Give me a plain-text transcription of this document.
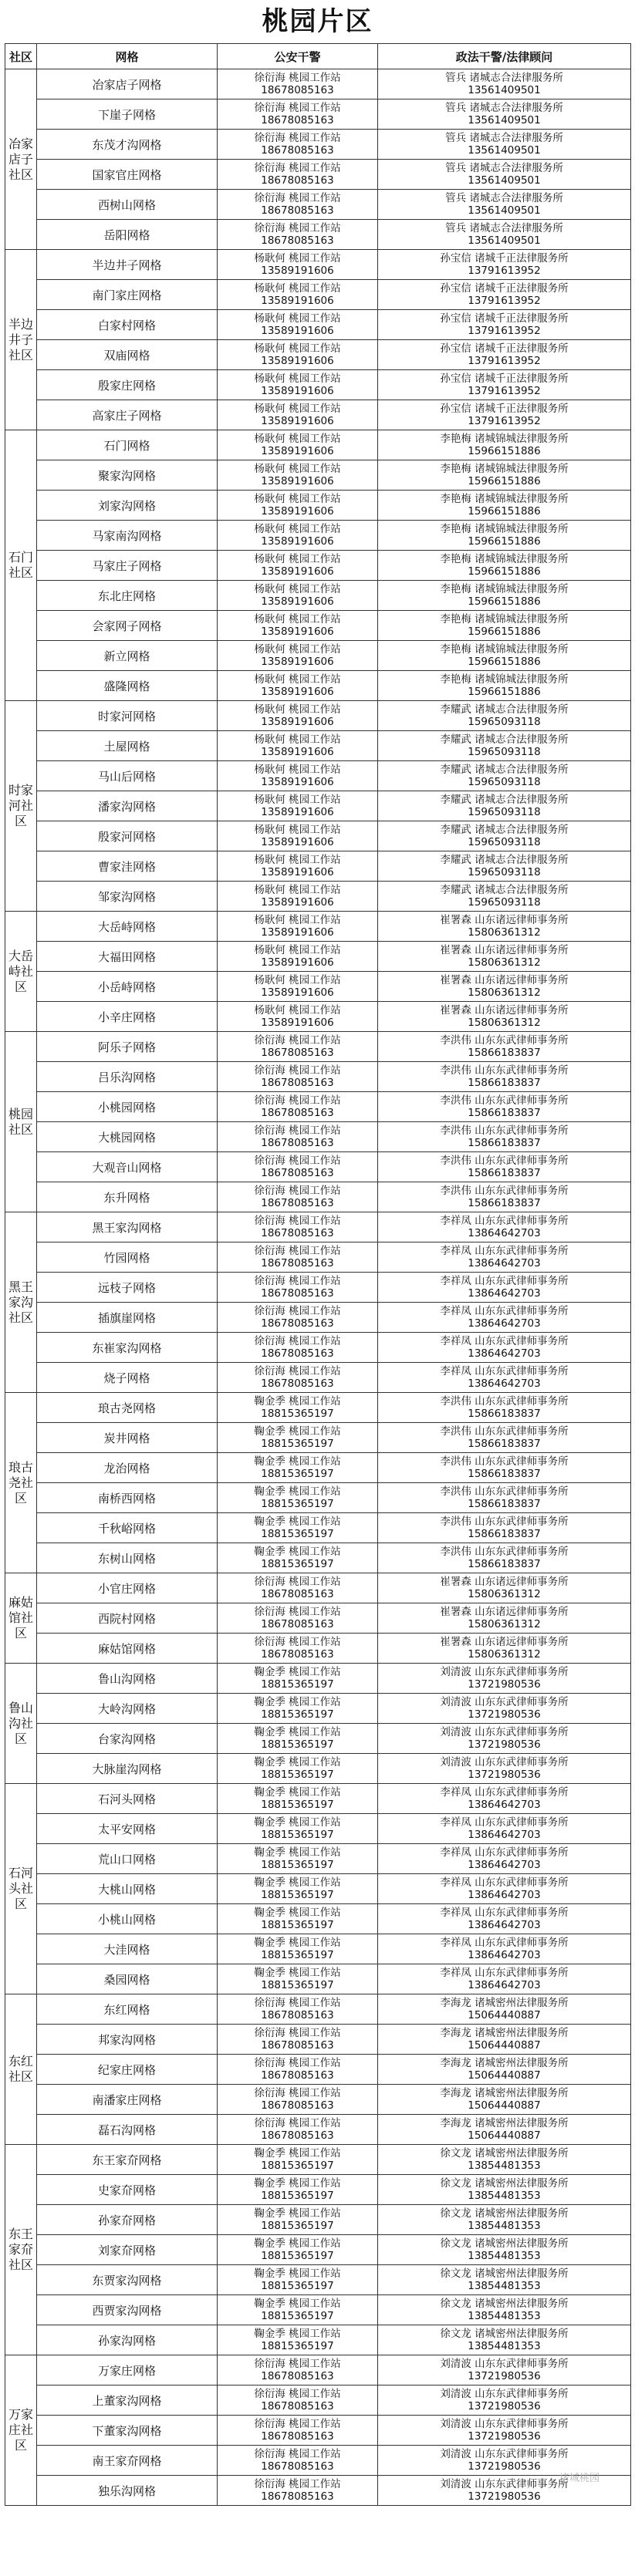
桃园片区
社区	网格	公安干警	政法干警/法律顾问
冶家店子社区	冶家店子网格	徐衍海 桃园工作站
18678085163	管兵 诸城志合法律服务所
13561409501

	下崖子网格	徐衍海 桃园工作站
18678085163	管兵 诸城志合法律服务所
13561409501

	东茂才沟网格	徐衍海 桃园工作站
18678085163	管兵 诸城志合法律服务所
13561409501

	国家官庄网格	徐衍海 桃园工作站
18678085163	管兵 诸城志合法律服务所
13561409501

	西树山网格	徐衍海 桃园工作站
18678085163	管兵 诸城志合法律服务所
13561409501

	岳阳网格	徐衍海 桃园工作站
18678085163	管兵 诸城志合法律服务所
13561409501

半边井子社区	半边井子网格	杨耿何 桃园工作站
13589191606	孙宝信 诸城千正法律服务所
13791613952

	南门家庄网格	杨耿何 桃园工作站
13589191606	孙宝信 诸城千正法律服务所
13791613952

	白家村网格	杨耿何 桃园工作站
13589191606	孙宝信 诸城千正法律服务所
13791613952

	双庙网格	杨耿何 桃园工作站
13589191606	孙宝信 诸城千正法律服务所
13791613952

	殷家庄网格	杨耿何 桃园工作站
13589191606	孙宝信 诸城千正法律服务所
13791613952

	高家庄子网格	杨耿何 桃园工作站
13589191606	孙宝信 诸城千正法律服务所
13791613952

石门社区	石门网格	杨耿何 桃园工作站
13589191606	李艳梅 诸城锦城法律服务所
15966151886

	聚家沟网格	杨耿何 桃园工作站
13589191606	李艳梅 诸城锦城法律服务所
15966151886

	刘家沟网格	杨耿何 桃园工作站
13589191606	李艳梅 诸城锦城法律服务所
15966151886

	马家南沟网格	杨耿何 桃园工作站
13589191606	李艳梅 诸城锦城法律服务所
15966151886

	马家庄子网格	杨耿何 桃园工作站
13589191606	李艳梅 诸城锦城法律服务所
15966151886

	东北庄网格	杨耿何 桃园工作站
13589191606	李艳梅 诸城锦城法律服务所
15966151886

	会家网子网格	杨耿何 桃园工作站
13589191606	李艳梅 诸城锦城法律服务所
15966151886

	新立网格	杨耿何 桃园工作站
13589191606	李艳梅 诸城锦城法律服务所
15966151886

	盛隆网格	杨耿何 桃园工作站
13589191606	李艳梅 诸城锦城法律服务所
15966151886

时家河社区	时家河网格	杨耿何 桃园工作站
13589191606	李耀武 诸城志合法律服务所
15965093118

	土屋网格	杨耿何 桃园工作站
13589191606	李耀武 诸城志合法律服务所
15965093118

	马山后网格	杨耿何 桃园工作站
13589191606	李耀武 诸城志合法律服务所
15965093118

	潘家沟网格	杨耿何 桃园工作站
13589191606	李耀武 诸城志合法律服务所
15965093118

	殷家河网格	杨耿何 桃园工作站
13589191606	李耀武 诸城志合法律服务所
15965093118

	曹家洼网格	杨耿何 桃园工作站
13589191606	李耀武 诸城志合法律服务所
15965093118

	邹家沟网格	杨耿何 桃园工作站
13589191606	李耀武 诸城志合法律服务所
15965093118

大岳峙社区	大岳峙网格	杨耿何 桃园工作站
13589191606	崔署森 山东诸远律师事务所
15806361312

	大福田网格	杨耿何 桃园工作站
13589191606	崔署森 山东诸远律师事务所
15806361312

	小岳峙网格	杨耿何 桃园工作站
13589191606	崔署森 山东诸远律师事务所
15806361312

	小辛庄网格	杨耿何 桃园工作站
13589191606	崔署森 山东诸远律师事务所
15806361312

桃园社区	阿乐子网格	徐衍海 桃园工作站
18678085163	李洪伟 山东东武律师事务所
15866183837

	吕乐沟网格	徐衍海 桃园工作站
18678085163	李洪伟 山东东武律师事务所
15866183837

	小桃园网格	徐衍海 桃园工作站
18678085163	李洪伟 山东东武律师事务所
15866183837

	大桃园网格	徐衍海 桃园工作站
18678085163	李洪伟 山东东武律师事务所
15866183837

	大观音山网格	徐衍海 桃园工作站
18678085163	李洪伟 山东东武律师事务所
15866183837

	东升网格	徐衍海 桃园工作站
18678085163	李洪伟 山东东武律师事务所
15866183837

黑王家沟社区	黑王家沟网格	徐衍海 桃园工作站
18678085163	李祥凤 山东东武律师事务所
13864642703

	竹园网格	徐衍海 桃园工作站
18678085163	李祥凤 山东东武律师事务所
13864642703

	远枝子网格	徐衍海 桃园工作站
18678085163	李祥凤 山东东武律师事务所
13864642703

	插旗崖网格	徐衍海 桃园工作站
18678085163	李祥凤 山东东武律师事务所
13864642703

	东崔家沟网格	徐衍海 桃园工作站
18678085163	李祥凤 山东东武律师事务所
13864642703

	烧子网格	徐衍海 桃园工作站
18678085163	李祥凤 山东东武律师事务所
13864642703

琅古尧社区	琅古尧网格	鞠金季 桃园工作站
18815365197	李洪伟 山东东武律师事务所
15866183837

	炭井网格	鞠金季 桃园工作站
18815365197	李洪伟 山东东武律师事务所
15866183837

	龙治网格	鞠金季 桃园工作站
18815365197	李洪伟 山东东武律师事务所
15866183837

	南桥西网格	鞠金季 桃园工作站
18815365197	李洪伟 山东东武律师事务所
15866183837

	千秋峪网格	鞠金季 桃园工作站
18815365197	李洪伟 山东东武律师事务所
15866183837

	东树山网格	鞠金季 桃园工作站
18815365197	李洪伟 山东东武律师事务所
15866183837

麻姑馆社区	小官庄网格	徐衍海 桃园工作站
18678085163	崔署森 山东诸远律师事务所
15806361312

	西院村网格	徐衍海 桃园工作站
18678085163	崔署森 山东诸远律师事务所
15806361312

	麻姑馆网格	徐衍海 桃园工作站
18678085163	崔署森 山东诸远律师事务所
15806361312

鲁山沟社区	鲁山沟网格	鞠金季 桃园工作站
18815365197	刘清波 山东东武律师事务所
13721980536

	大岭沟网格	鞠金季 桃园工作站
18815365197	刘清波 山东东武律师事务所
13721980536

	台家沟网格	鞠金季 桃园工作站
18815365197	刘清波 山东东武律师事务所
13721980536

	大脉崖沟网格	鞠金季 桃园工作站
18815365197	刘清波 山东东武律师事务所
13721980536

石河头社区	石河头网格	鞠金季 桃园工作站
18815365197	李祥凤 山东东武律师事务所
13864642703

	太平安网格	鞠金季 桃园工作站
18815365197	李祥凤 山东东武律师事务所
13864642703

	荒山口网格	鞠金季 桃园工作站
18815365197	李祥凤 山东东武律师事务所
13864642703

	大桃山网格	鞠金季 桃园工作站
18815365197	李祥凤 山东东武律师事务所
13864642703

	小桃山网格	鞠金季 桃园工作站
18815365197	李祥凤 山东东武律师事务所
13864642703

	大洼网格	鞠金季 桃园工作站
18815365197	李祥凤 山东东武律师事务所
13864642703

	桑园网格	鞠金季 桃园工作站
18815365197	李祥凤 山东东武律师事务所
13864642703

东红社区	东红网格	徐衍海 桃园工作站
18678085163	李海龙 诸城密州法律服务所
15064440887

	邦家沟网格	徐衍海 桃园工作站
18678085163	李海龙 诸城密州法律服务所
15064440887

	纪家庄网格	徐衍海 桃园工作站
18678085163	李海龙 诸城密州法律服务所
15064440887

	南潘家庄网格	徐衍海 桃园工作站
18678085163	李海龙 诸城密州法律服务所
15064440887

	磊石沟网格	徐衍海 桃园工作站
18678085163	李海龙 诸城密州法律服务所
15064440887

东王家夼社区	东王家夼网格	鞠金季 桃园工作站
18815365197	徐文龙 诸城密州法律服务所
13854481353

	史家夼网格	鞠金季 桃园工作站
18815365197	徐文龙 诸城密州法律服务所
13854481353

	孙家夼网格	鞠金季 桃园工作站
18815365197	徐文龙 诸城密州法律服务所
13854481353

	刘家夼网格	鞠金季 桃园工作站
18815365197	徐文龙 诸城密州法律服务所
13854481353

	东贾家沟网格	鞠金季 桃园工作站
18815365197	徐文龙 诸城密州法律服务所
13854481353

	西贾家沟网格	鞠金季 桃园工作站
18815365197	徐文龙 诸城密州法律服务所
13854481353

	孙家沟网格	鞠金季 桃园工作站
18815365197	徐文龙 诸城密州法律服务所
13854481353

万家庄社区	万家庄网格	徐衍海 桃园工作站
18678085163	刘清波 山东东武律师事务所
13721980536

	上董家沟网格	徐衍海 桃园工作站
18678085163	刘清波 山东东武律师事务所
13721980536

	下董家沟网格	徐衍海 桃园工作站
18678085163	刘清波 山东东武律师事务所
13721980536

	南王家夼网格	徐衍海 桃园工作站
18678085163	刘清波 山东东武律师事务所
13721980536

	独乐沟网格	徐衍海 桃园工作站
18678085163	刘清波 山东东武律师事务所
13721980536
诸城桃园
